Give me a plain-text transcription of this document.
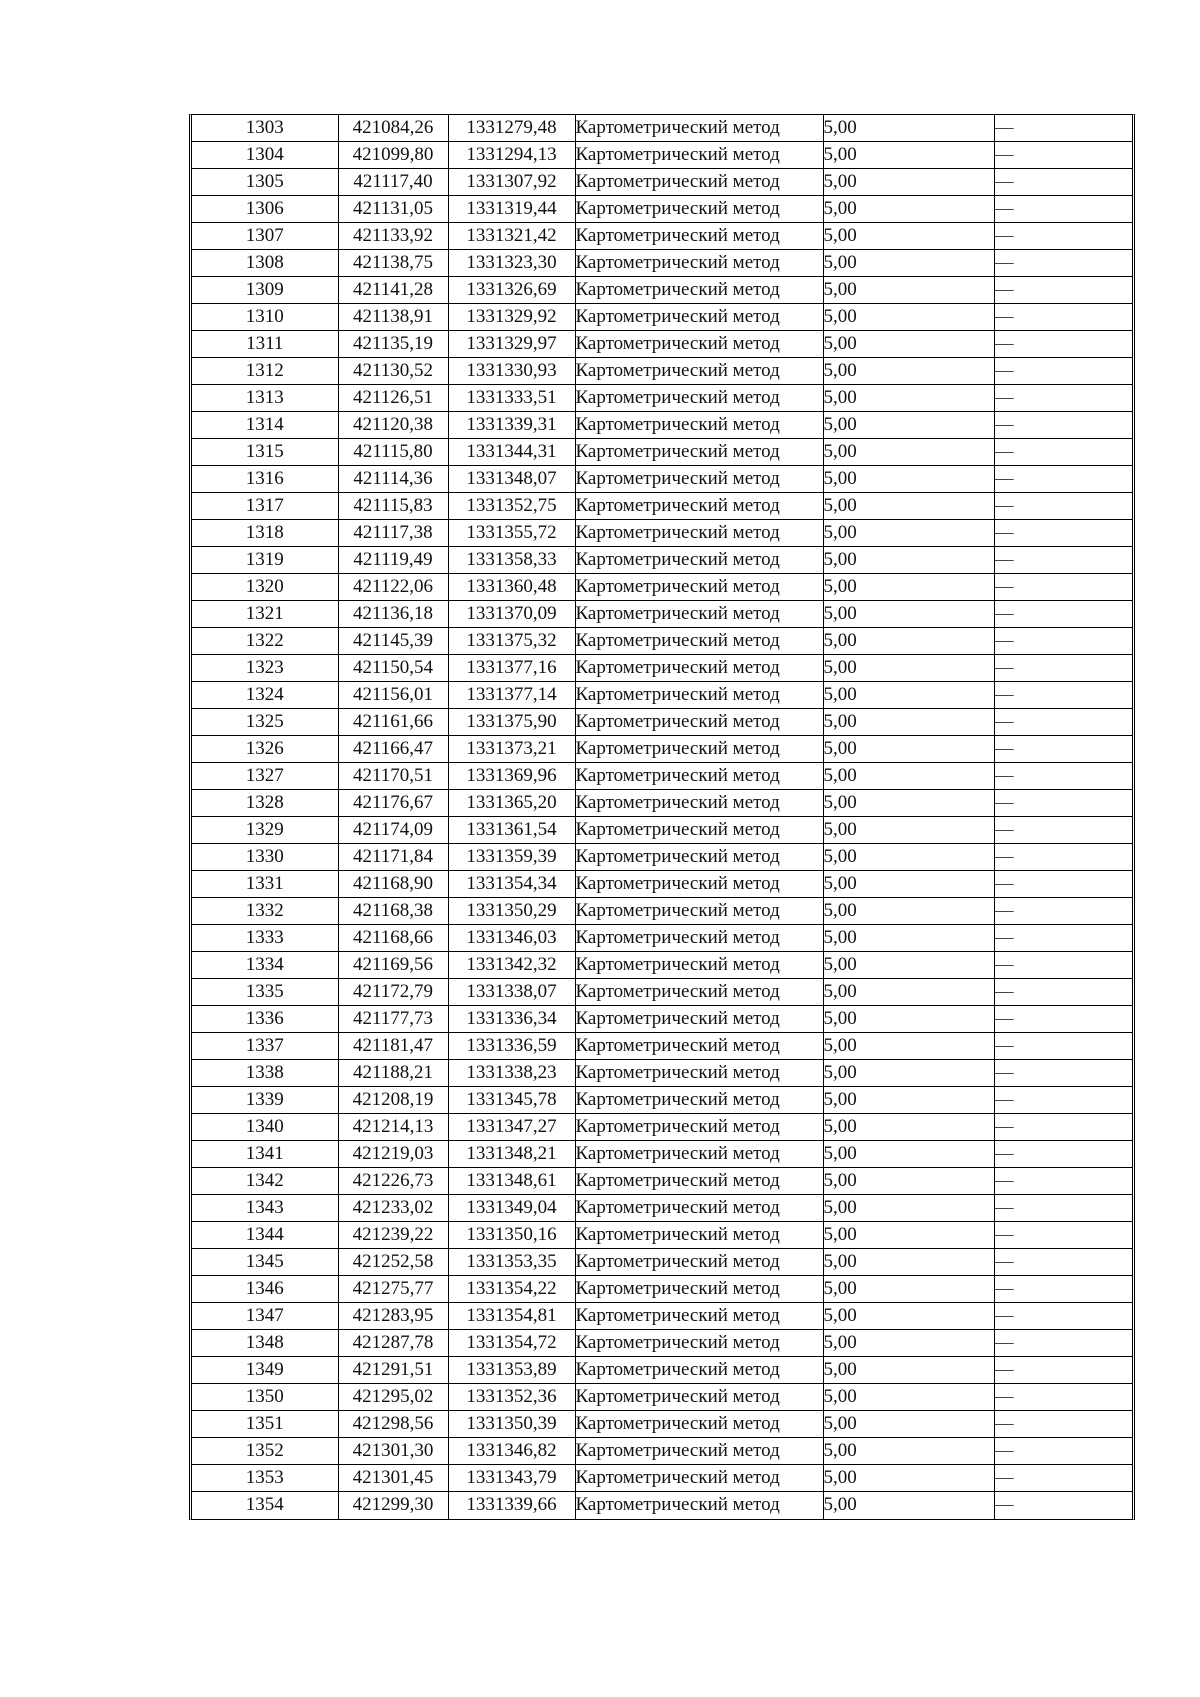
1303	421084,26	1331279,48	Картометрический метод	5,00	—
1304	421099,80	1331294,13	Картометрический метод	5,00	—
1305	421117,40	1331307,92	Картометрический метод	5,00	—
1306	421131,05	1331319,44	Картометрический метод	5,00	—
1307	421133,92	1331321,42	Картометрический метод	5,00	—
1308	421138,75	1331323,30	Картометрический метод	5,00	—
1309	421141,28	1331326,69	Картометрический метод	5,00	—
1310	421138,91	1331329,92	Картометрический метод	5,00	—
1311	421135,19	1331329,97	Картометрический метод	5,00	—
1312	421130,52	1331330,93	Картометрический метод	5,00	—
1313	421126,51	1331333,51	Картометрический метод	5,00	—
1314	421120,38	1331339,31	Картометрический метод	5,00	—
1315	421115,80	1331344,31	Картометрический метод	5,00	—
1316	421114,36	1331348,07	Картометрический метод	5,00	—
1317	421115,83	1331352,75	Картометрический метод	5,00	—
1318	421117,38	1331355,72	Картометрический метод	5,00	—
1319	421119,49	1331358,33	Картометрический метод	5,00	—
1320	421122,06	1331360,48	Картометрический метод	5,00	—
1321	421136,18	1331370,09	Картометрический метод	5,00	—
1322	421145,39	1331375,32	Картометрический метод	5,00	—
1323	421150,54	1331377,16	Картометрический метод	5,00	—
1324	421156,01	1331377,14	Картометрический метод	5,00	—
1325	421161,66	1331375,90	Картометрический метод	5,00	—
1326	421166,47	1331373,21	Картометрический метод	5,00	—
1327	421170,51	1331369,96	Картометрический метод	5,00	—
1328	421176,67	1331365,20	Картометрический метод	5,00	—
1329	421174,09	1331361,54	Картометрический метод	5,00	—
1330	421171,84	1331359,39	Картометрический метод	5,00	—
1331	421168,90	1331354,34	Картометрический метод	5,00	—
1332	421168,38	1331350,29	Картометрический метод	5,00	—
1333	421168,66	1331346,03	Картометрический метод	5,00	—
1334	421169,56	1331342,32	Картометрический метод	5,00	—
1335	421172,79	1331338,07	Картометрический метод	5,00	—
1336	421177,73	1331336,34	Картометрический метод	5,00	—
1337	421181,47	1331336,59	Картометрический метод	5,00	—
1338	421188,21	1331338,23	Картометрический метод	5,00	—
1339	421208,19	1331345,78	Картометрический метод	5,00	—
1340	421214,13	1331347,27	Картометрический метод	5,00	—
1341	421219,03	1331348,21	Картометрический метод	5,00	—
1342	421226,73	1331348,61	Картометрический метод	5,00	—
1343	421233,02	1331349,04	Картометрический метод	5,00	—
1344	421239,22	1331350,16	Картометрический метод	5,00	—
1345	421252,58	1331353,35	Картометрический метод	5,00	—
1346	421275,77	1331354,22	Картометрический метод	5,00	—
1347	421283,95	1331354,81	Картометрический метод	5,00	—
1348	421287,78	1331354,72	Картометрический метод	5,00	—
1349	421291,51	1331353,89	Картометрический метод	5,00	—
1350	421295,02	1331352,36	Картометрический метод	5,00	—
1351	421298,56	1331350,39	Картометрический метод	5,00	—
1352	421301,30	1331346,82	Картометрический метод	5,00	—
1353	421301,45	1331343,79	Картометрический метод	5,00	—
1354	421299,30	1331339,66	Картометрический метод	5,00	—
